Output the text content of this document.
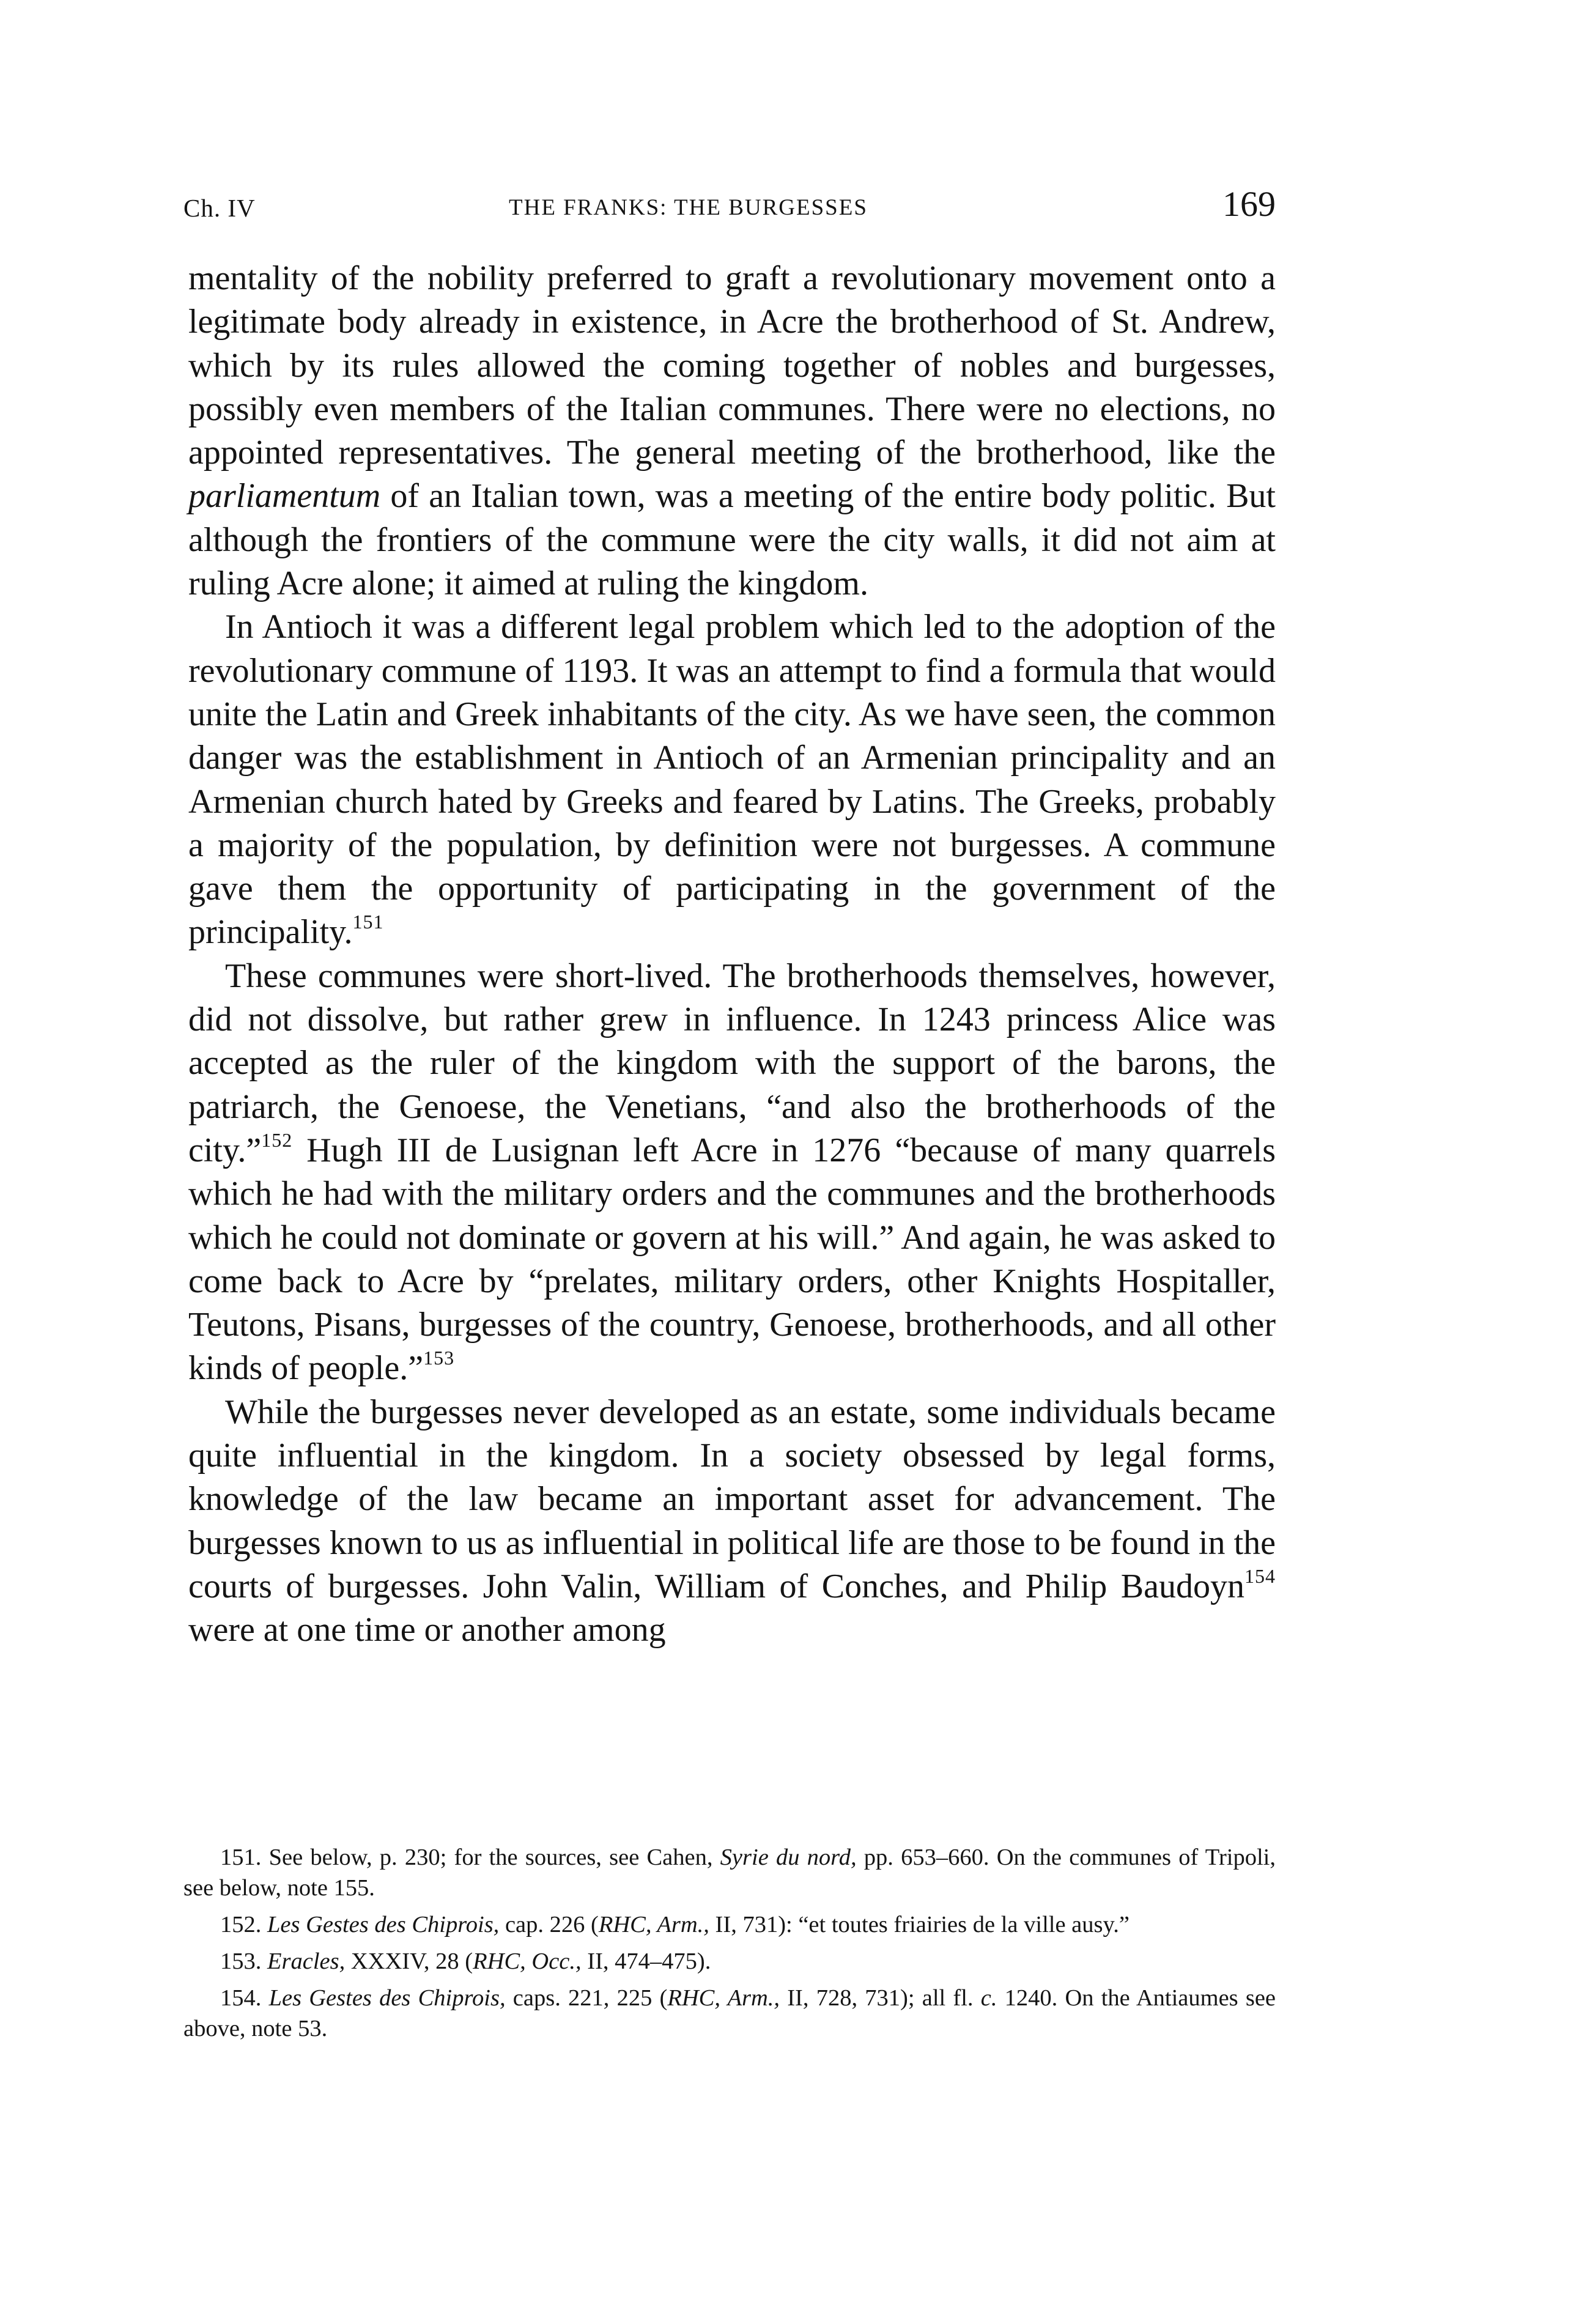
Ch. IV	THE FRANKS: THE BURGESSES	169

mentality of the nobility preferred to graft a revolutionary movement onto a legitimate body already in existence, in Acre the brotherhood of St. Andrew, which by its rules allowed the coming together of nobles and burgesses, possibly even members of the Italian communes. There were no elections, no appointed representatives. The general meeting of the brotherhood, like the parliamentum of an Italian town, was a meeting of the entire body politic. But although the frontiers of the commune were the city walls, it did not aim at ruling Acre alone; it aimed at ruling the kingdom.

In Antioch it was a different legal problem which led to the adoption of the revolutionary commune of 1193. It was an attempt to find a formula that would unite the Latin and Greek inhabitants of the city. As we have seen, the common danger was the establishment in Antioch of an Armenian principality and an Armenian church hated by Greeks and feared by Latins. The Greeks, probably a majority of the population, by definition were not burgesses. A commune gave them the opportunity of participating in the government of the principality.$^{151}$

These communes were short-lived. The brotherhoods themselves, however, did not dissolve, but rather grew in influence. In 1243 princess Alice was accepted as the ruler of the kingdom with the support of the barons, the patriarch, the Genoese, the Venetians, “and also the brotherhoods of the city.”$^{152}$ Hugh III de Lusignan left Acre in 1276 “because of many quarrels which he had with the military orders and the communes and the brotherhoods which he could not dominate or govern at his will.” And again, he was asked to come back to Acre by “prelates, military orders, other Knights Hospitaller, Teutons, Pisans, burgesses of the country, Genoese, brotherhoods, and all other kinds of people.”$^{153}$

While the burgesses never developed as an estate, some individuals became quite influential in the kingdom. In a society obsessed by legal forms, knowledge of the law became an important asset for advancement. The burgesses known to us as influential in political life are those to be found in the courts of burgesses. John Valin, William of Conches, and Philip Baudoyn$^{154}$ were at one time or another among

151. See below, p. 230; for the sources, see Cahen, Syrie du nord, pp. 653–660. On the communes of Tripoli, see below, note 155.

152. Les Gestes des Chiprois, cap. 226 (RHC, Arm., II, 731): “et toutes friairies de la ville ausy.”

153. Eracles, XXXIV, 28 (RHC, Occ., II, 474–475).

154. Les Gestes des Chiprois, caps. 221, 225 (RHC, Arm., II, 728, 731); all fl. c. 1240. On the Antiaumes see above, note 53.
